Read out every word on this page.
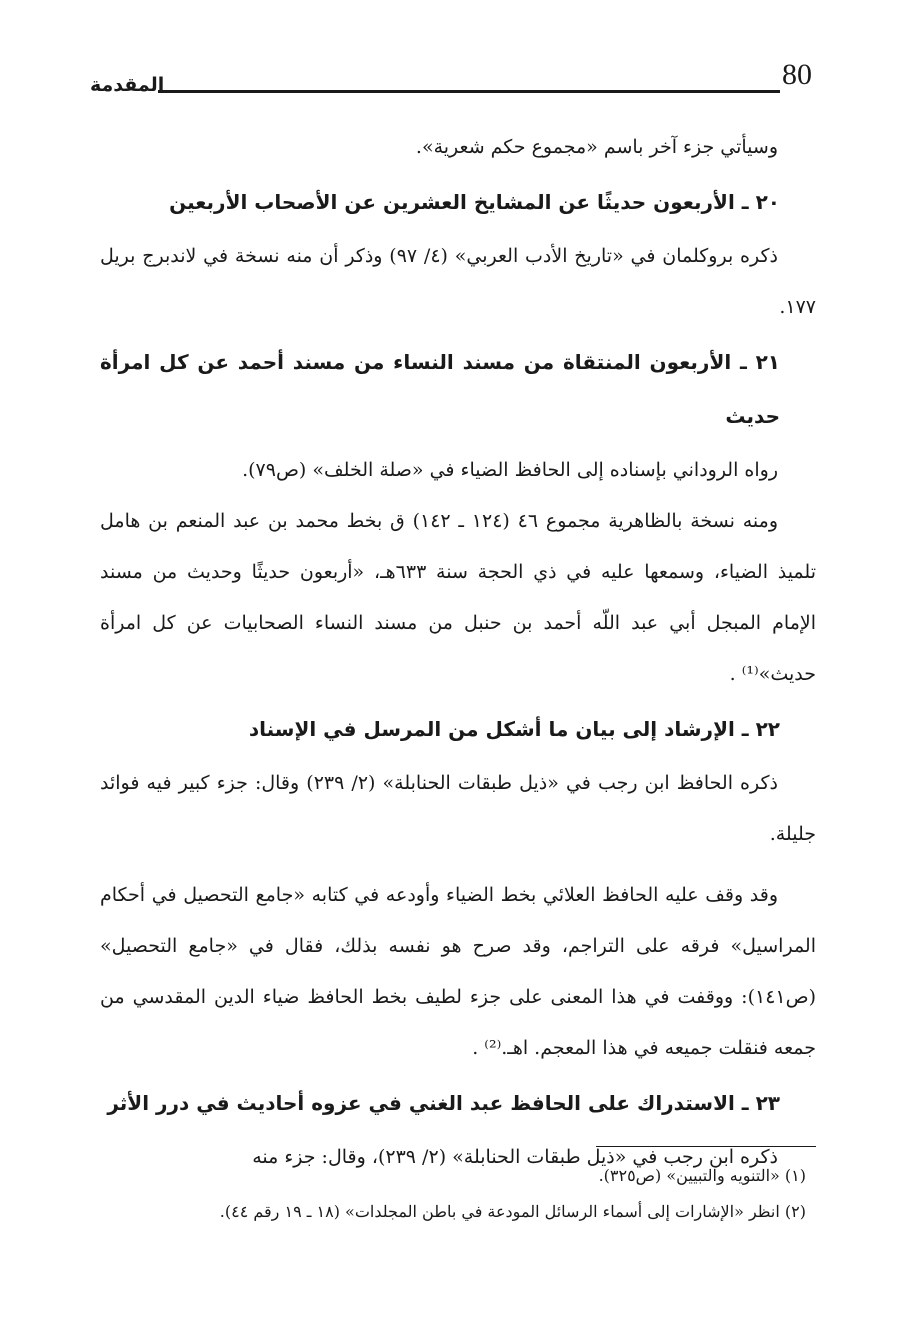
المقدمة	80

وسيأتي جزء آخر باسم «مجموع حكم شعرية».

٢٠ ـ الأربعون حديثًا عن المشايخ العشرين عن الأصحاب الأربعين

ذكره بروكلمان في «تاريخ الأدب العربي» (٤/ ٩٧) وذكر أن منه نسخة في لاندبرج بريل ١٧٧.

٢١ ـ الأربعون المنتقاة من مسند النساء من مسند أحمد عن كل امرأة حديث

رواه الروداني بإسناده إلى الحافظ الضياء في «صلة الخلف» (ص٧٩).

ومنه نسخة بالظاهرية مجموع ٤٦ (١٢٤ ـ ١٤٢) ق بخط محمد بن عبد المنعم بن هامل تلميذ الضياء، وسمعها عليه في ذي الحجة سنة ٦٣٣هـ، «أربعون حديثًا وحديث من مسند الإمام المبجل أبي عبد اللّه أحمد بن حنبل من مسند النساء الصحابيات عن كل امرأة حديث»⁽¹⁾ .

٢٢ ـ الإرشاد إلى بيان ما أشكل من المرسل في الإسناد

ذكره الحافظ ابن رجب في «ذيل طبقات الحنابلة» (٢/ ٢٣٩) وقال: جزء كبير فيه فوائد جليلة.

وقد وقف عليه الحافظ العلائي بخط الضياء وأودعه في كتابه «جامع التحصيل في أحكام المراسيل» فرقه على التراجم، وقد صرح هو نفسه بذلك، فقال في «جامع التحصيل» (ص١٤١): ووقفت في هذا المعنى على جزء لطيف بخط الحافظ ضياء الدين المقدسي من جمعه فنقلت جميعه في هذا المعجم. اهـ.⁽²⁾ .

٢٣ ـ الاستدراك على الحافظ عبد الغني في عزوه أحاديث في درر الأثر

ذكره ابن رجب في «ذيل طبقات الحنابلة» (٢/ ٢٣٩)، وقال: جزء منه

(١) «التنويه والتبيين» (ص٣٢٥).

(٢) انظر «الإشارات إلى أسماء الرسائل المودعة في باطن المجلدات» (١٨ ـ ١٩ رقم ٤٤).
